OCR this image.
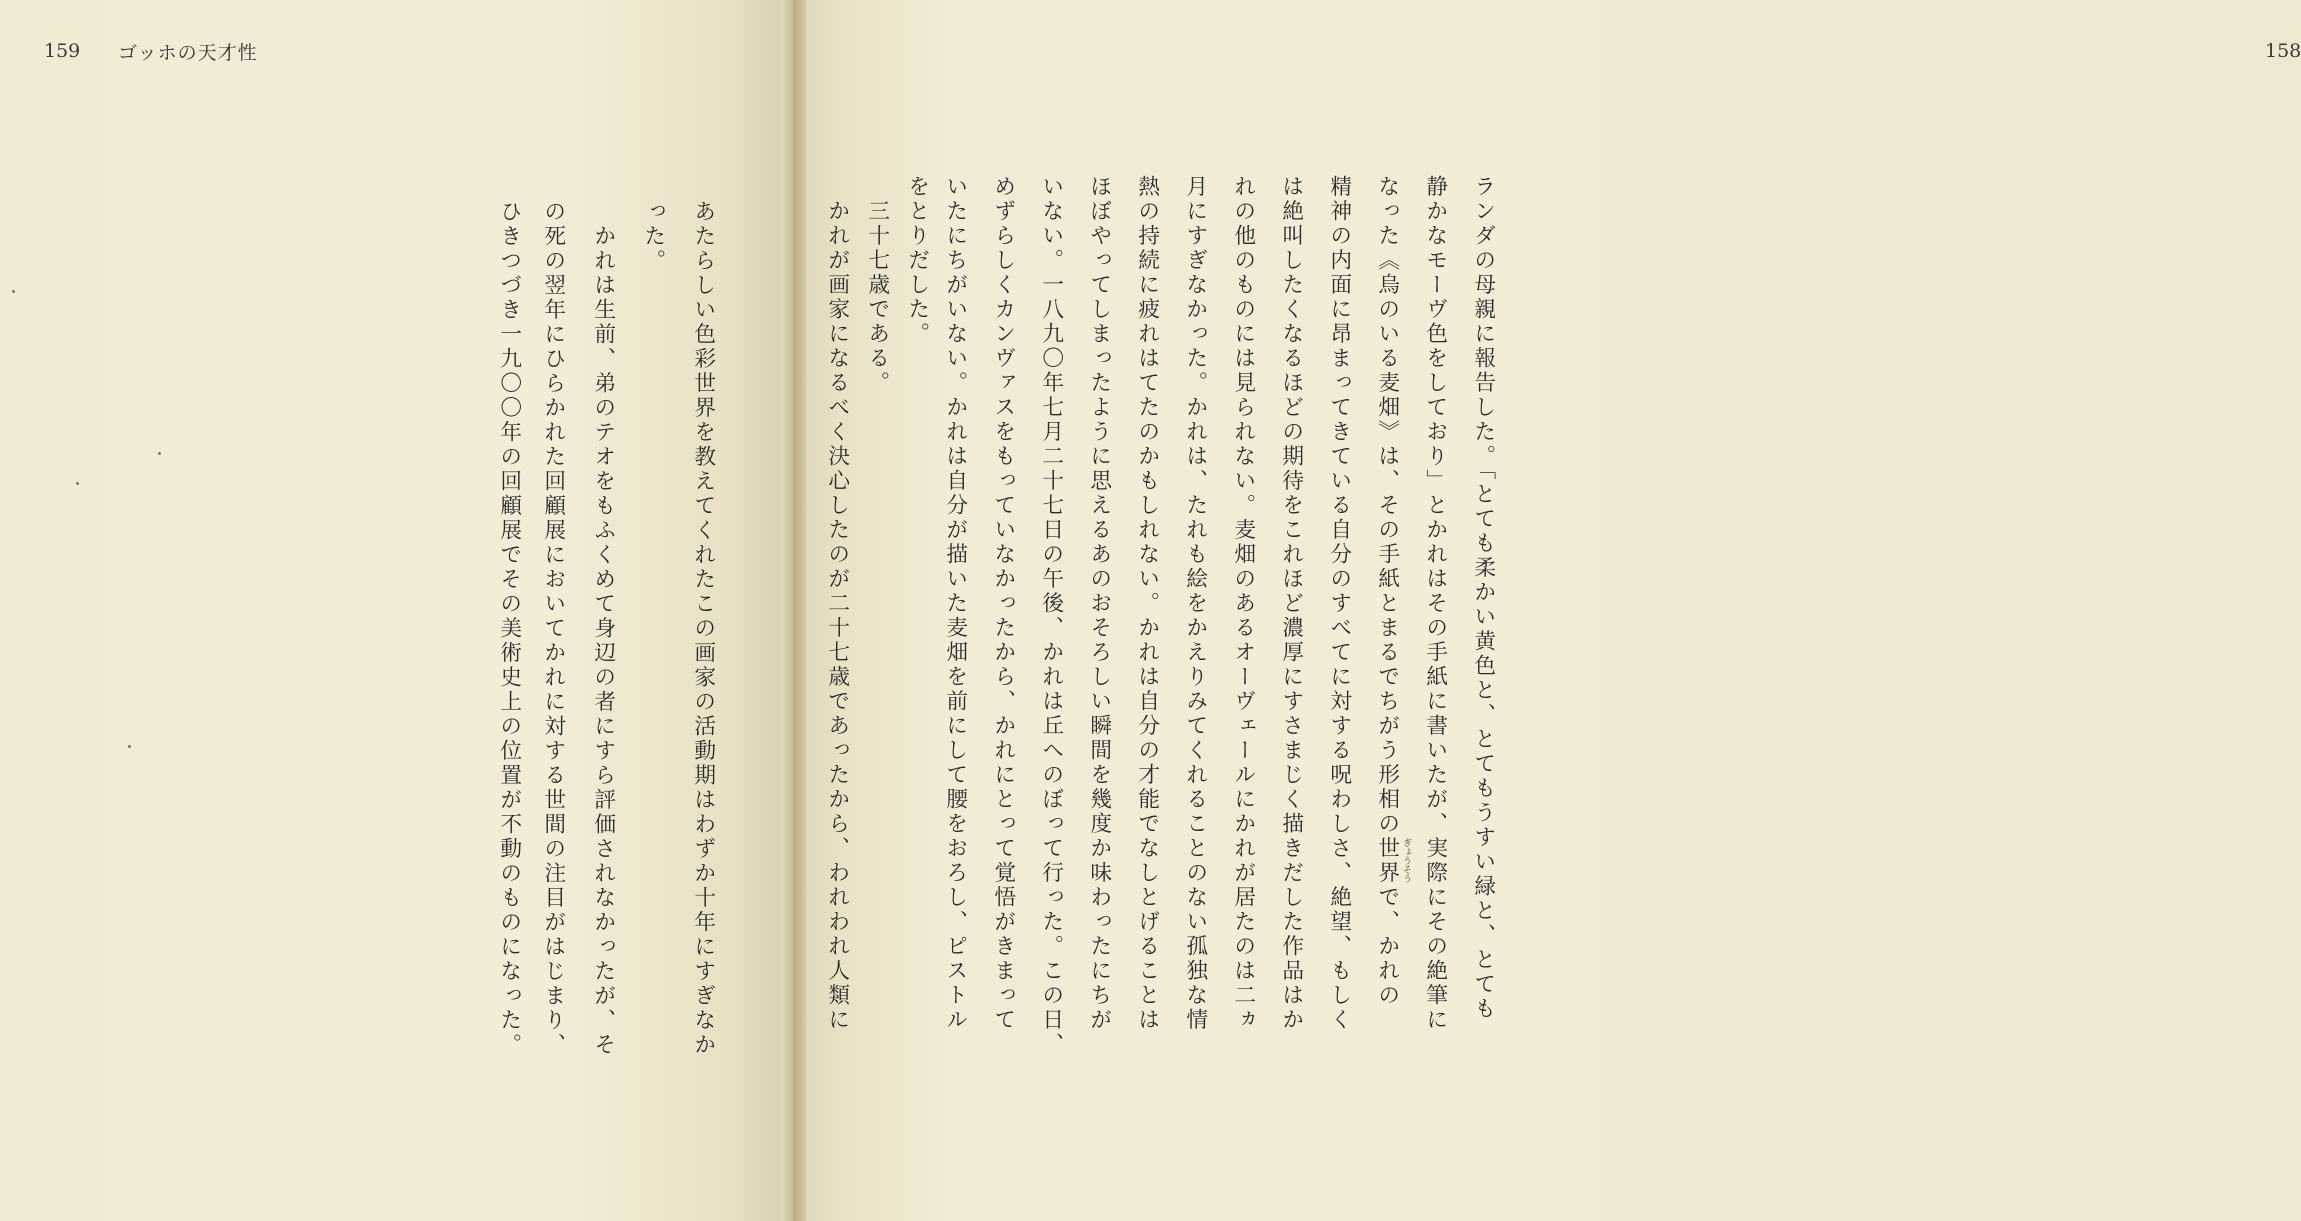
159 ゴッホの天才性

あたらしい色彩世界を教えてくれたこの画家の活動期はわずか十年にすぎなか

った。

　かれは生前、弟のテオをもふくめて身辺の者にすら評価されなかったが、そ

の死の翌年にひらかれた回顧展においてかれに対する世間の注目がはじまり、

ひきつづき一九〇〇年の回顧展でその美術史上の位置が不動のものになった。

158

ランダの母親に報告した。「とても柔かい黄色と、とてもうすい緑と、とても

静かなモーヴ色をしており」とかれはその手紙に書いたが、実際にその絶筆に

なった《烏のいる麦畑》は、その手紙とまるでちがう形相の世界で、かれの ぎょうそう

精神の内面に昂まってきている自分のすべてに対する呪わしさ、絶望、もしく

は絶叫したくなるほどの期待をこれほど濃厚にすさまじく描きだした作品はか

れの他のものには見られない。麦畑のあるオーヴェールにかれが居たのは二ヵ

月にすぎなかった。かれは、たれも絵をかえりみてくれることのない孤独な情

熱の持続に疲れはてたのかもしれない。かれは自分の才能でなしとげることは

ほぼやってしまったように思えるあのおそろしい瞬間を幾度か味わったにちが

いない。一八九〇年七月二十七日の午後、かれは丘へのぼって行った。この日、

めずらしくカンヴァスをもっていなかったから、かれにとって覚悟がきまって

いたにちがいない。かれは自分が描いた麦畑を前にして腰をおろし、ピストル

をとりだした。

　三十七歳である。

　かれが画家になるべく決心したのが二十七歳であったから、われわれ人類に
